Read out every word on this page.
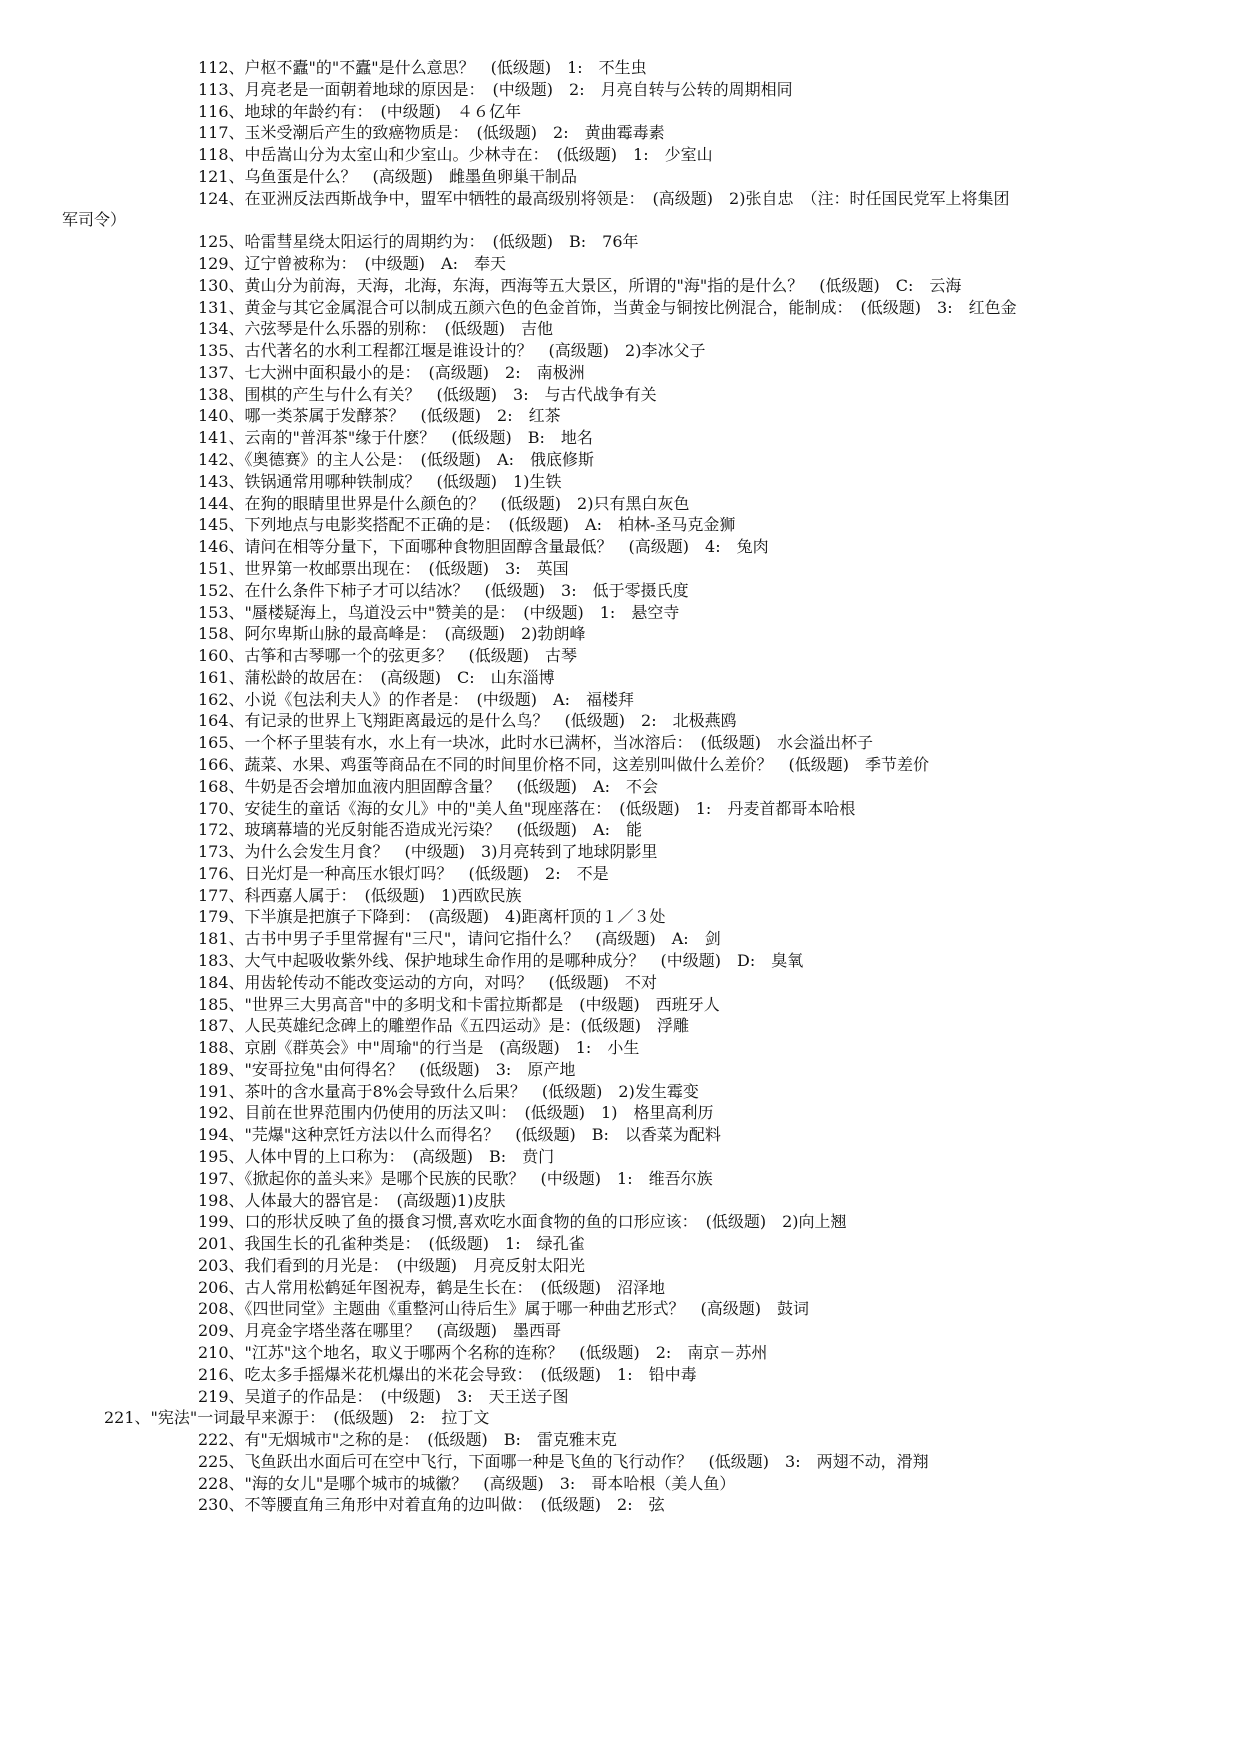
112、户枢不蠹"的"不蠹"是什么意思？　(低级题)　1:　不生虫
113、月亮老是一面朝着地球的原因是：　(中级题)　2:　月亮自转与公转的周期相同
116、地球的年龄约有：　(中级题)　４６亿年
117、玉米受潮后产生的致癌物质是：　(低级题)　2:　黄曲霉毒素
118、中岳嵩山分为太室山和少室山。少林寺在：　(低级题)　1:　少室山
121、乌鱼蛋是什么？　(高级题)　雌墨鱼卵巢干制品
124、在亚洲反法西斯战争中，盟军中牺牲的最高级别将领是：　(高级题)　2)张自忠　（注：时任国民党军上将集团
军司令）
125、哈雷彗星绕太阳运行的周期约为：　(低级题)　B:　76年
129、辽宁曾被称为：　(中级题)　A:　奉天
130、黄山分为前海，天海，北海，东海，西海等五大景区，所谓的"海"指的是什么？　(低级题)　C:　云海
131、黄金与其它金属混合可以制成五颜六色的色金首饰，当黄金与铜按比例混合，能制成：　(低级题)　3:　红色金
134、六弦琴是什么乐器的别称：　(低级题)　吉他
135、古代著名的水利工程都江堰是谁设计的？　(高级题)　2)李冰父子
137、七大洲中面积最小的是：　(高级题)　2:　南极洲
138、围棋的产生与什么有关？　(低级题)　3:　与古代战争有关
140、哪一类茶属于发酵茶？　(低级题)　2:　红茶
141、云南的"普洱茶"缘于什麽？　(低级题)　B:　地名
142、《奥德赛》的主人公是：　(低级题)　A:　俄底修斯
143、铁锅通常用哪种铁制成？　(低级题)　1)生铁
144、在狗的眼睛里世界是什么颜色的？　(低级题)　2)只有黑白灰色
145、下列地点与电影奖搭配不正确的是：　(低级题)　A:　柏林-圣马克金狮
146、请问在相等分量下，下面哪种食物胆固醇含量最低？　(高级题)　4:　兔肉
151、世界第一枚邮票出现在：　(低级题)　3:　英国
152、在什么条件下柿子才可以结冰？　(低级题)　3:　低于零摄氏度
153、"蜃楼疑海上，鸟道没云中"赞美的是：　(中级题)　1:　悬空寺
158、阿尔卑斯山脉的最高峰是：　(高级题)　2)勃朗峰
160、古筝和古琴哪一个的弦更多？　(低级题)　古琴
161、蒲松龄的故居在：　(高级题)　C:　山东淄博
162、小说《包法利夫人》的作者是：　(中级题)　A:　福楼拜
164、有记录的世界上飞翔距离最远的是什么鸟？　(低级题)　2:　北极燕鸥
165、一个杯子里装有水，水上有一块冰，此时水已满杯，当冰溶后：　(低级题)　水会溢出杯子
166、蔬菜、水果、鸡蛋等商品在不同的时间里价格不同，这差别叫做什么差价？　(低级题)　季节差价
168、牛奶是否会增加血液内胆固醇含量？　(低级题)　A:　不会
170、安徒生的童话《海的女儿》中的"美人鱼"现座落在：　(低级题)　1:　丹麦首都哥本哈根
172、玻璃幕墙的光反射能否造成光污染？　(低级题)　A:　能
173、为什么会发生月食？　(中级题)　3)月亮转到了地球阴影里
176、日光灯是一种高压水银灯吗？　(低级题)　2:　不是
177、科西嘉人属于：　(低级题)　1)西欧民族
179、下半旗是把旗子下降到：　(高级题)　4)距离杆顶的１／３处
181、古书中男子手里常握有"三尺"，请问它指什么？　(高级题)　A:　剑
183、大气中起吸收紫外线、保护地球生命作用的是哪种成分？　(中级题)　D:　臭氧
184、用齿轮传动不能改变运动的方向，对吗？　(低级题)　不对
185、"世界三大男高音"中的多明戈和卡雷拉斯都是　(中级题)　西班牙人
187、人民英雄纪念碑上的雕塑作品《五四运动》是：(低级题)　浮雕
188、京剧《群英会》中"周瑜"的行当是　(高级题)　1:　小生
189、"安哥拉兔"由何得名？　(低级题)　3:　原产地
191、茶叶的含水量高于8%会导致什么后果？　(低级题)　2)发生霉变
192、目前在世界范围内仍使用的历法又叫：　(低级题)　1)　格里高利历
194、"芫爆"这种烹饪方法以什么而得名？　(低级题)　B:　以香菜为配料
195、人体中胃的上口称为：　(高级题)　B:　贲门
197、《掀起你的盖头来》是哪个民族的民歌？　(中级题)　1:　维吾尔族
198、人体最大的器官是：　(高级题)1)皮肤
199、口的形状反映了鱼的摄食习惯,喜欢吃水面食物的鱼的口形应该：　(低级题)　2)向上翘
201、我国生长的孔雀种类是：　(低级题)　1:　绿孔雀
203、我们看到的月光是：　(中级题)　月亮反射太阳光
206、古人常用松鹤延年图祝寿，鹤是生长在：　(低级题)　沼泽地
208、《四世同堂》主题曲《重整河山待后生》属于哪一种曲艺形式？　(高级题)　鼓词
209、月亮金字塔坐落在哪里？　(高级题)　墨西哥
210、"江苏"这个地名，取义于哪两个名称的连称？　(低级题)　2:　南京－苏州
216、吃太多手摇爆米花机爆出的米花会导致：　(低级题)　1:　铅中毒
219、吴道子的作品是：　(中级题)　3:　天王送子图
221、"宪法"一词最早来源于：　(低级题)　2:　拉丁文
222、有"无烟城市"之称的是：　(低级题)　B:　雷克雅末克
225、飞鱼跃出水面后可在空中飞行，下面哪一种是飞鱼的飞行动作？　(低级题)　3:　两翅不动，滑翔
228、"海的女儿"是哪个城市的城徽？　(高级题)　3:　哥本哈根（美人鱼）
230、不等腰直角三角形中对着直角的边叫做：　(低级题)　2:　弦
